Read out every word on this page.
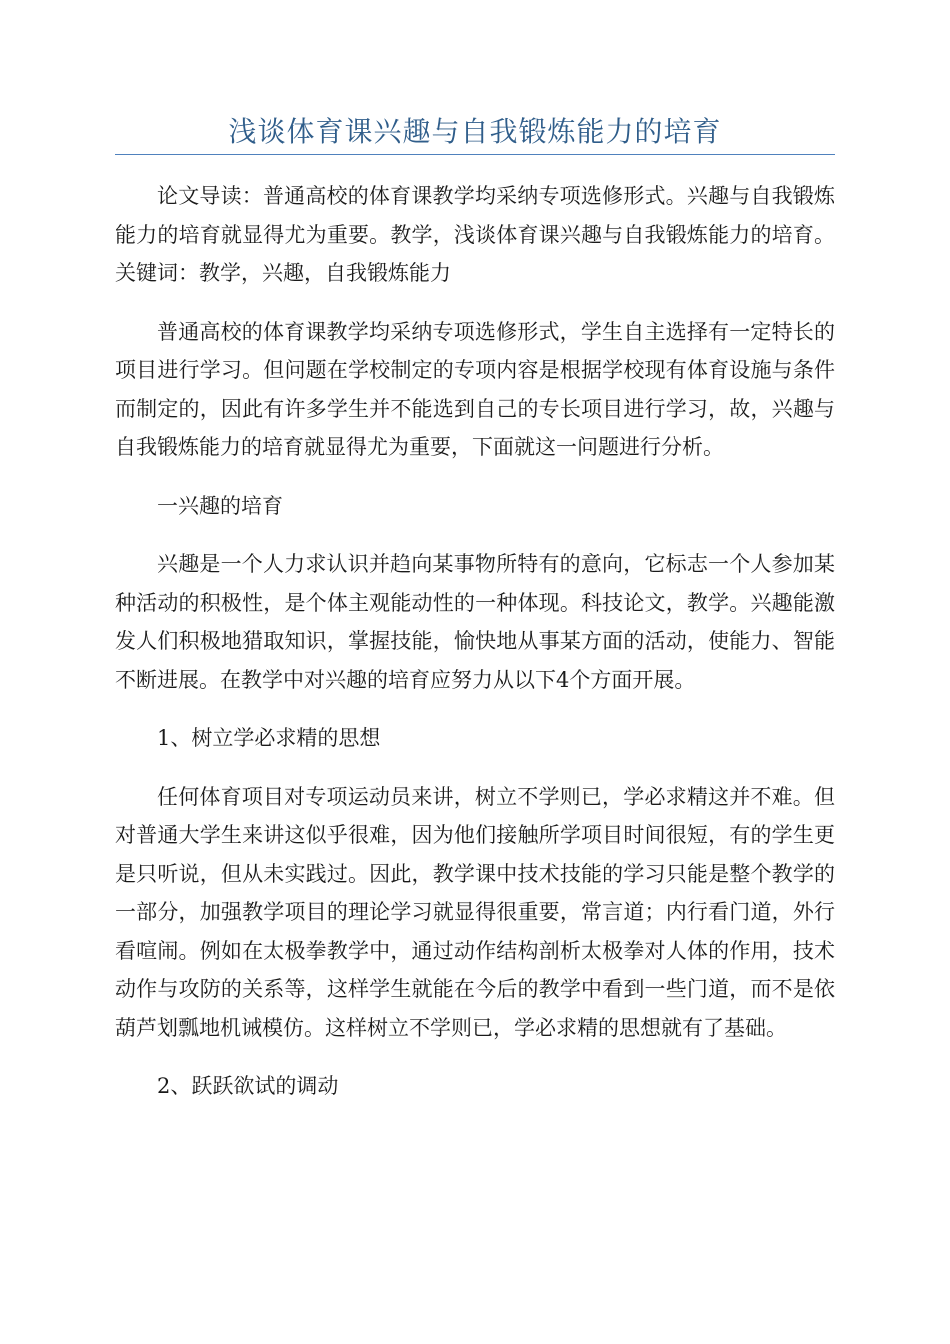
浅谈体育课兴趣与自我锻炼能力的培育

论文导读：普通高校的体育课教学均采纳专项选修形式。兴趣与自我锻炼能力的培育就显得尤为重要。教学，浅谈体育课兴趣与自我锻炼能力的培育。关键词：教学，兴趣，自我锻炼能力

普通高校的体育课教学均采纳专项选修形式，学生自主选择有一定特长的项目进行学习。但问题在学校制定的专项内容是根据学校现有体育设施与条件而制定的，因此有许多学生并不能选到自己的专长项目进行学习，故，兴趣与自我锻炼能力的培育就显得尤为重要，下面就这一问题进行分析。

一兴趣的培育

兴趣是一个人力求认识并趋向某事物所特有的意向，它标志一个人参加某种活动的积极性，是个体主观能动性的一种体现。科技论文，教学。兴趣能激发人们积极地猎取知识，掌握技能，愉快地从事某方面的活动，使能力、智能不断进展。在教学中对兴趣的培育应努力从以下4个方面开展。

1、树立学必求精的思想

任何体育项目对专项运动员来讲，树立不学则已，学必求精这并不难。但对普通大学生来讲这似乎很难，因为他们接触所学项目时间很短，有的学生更是只听说，但从未实践过。因此，教学课中技术技能的学习只能是整个教学的一部分，加强教学项目的理论学习就显得很重要，常言道；内行看门道，外行看喧闹。例如在太极拳教学中，通过动作结构剖析太极拳对人体的作用，技术动作与攻防的关系等，这样学生就能在今后的教学中看到一些门道，而不是依葫芦划瓢地机诫模仿。这样树立不学则已，学必求精的思想就有了基础。

2、跃跃欲试的调动
